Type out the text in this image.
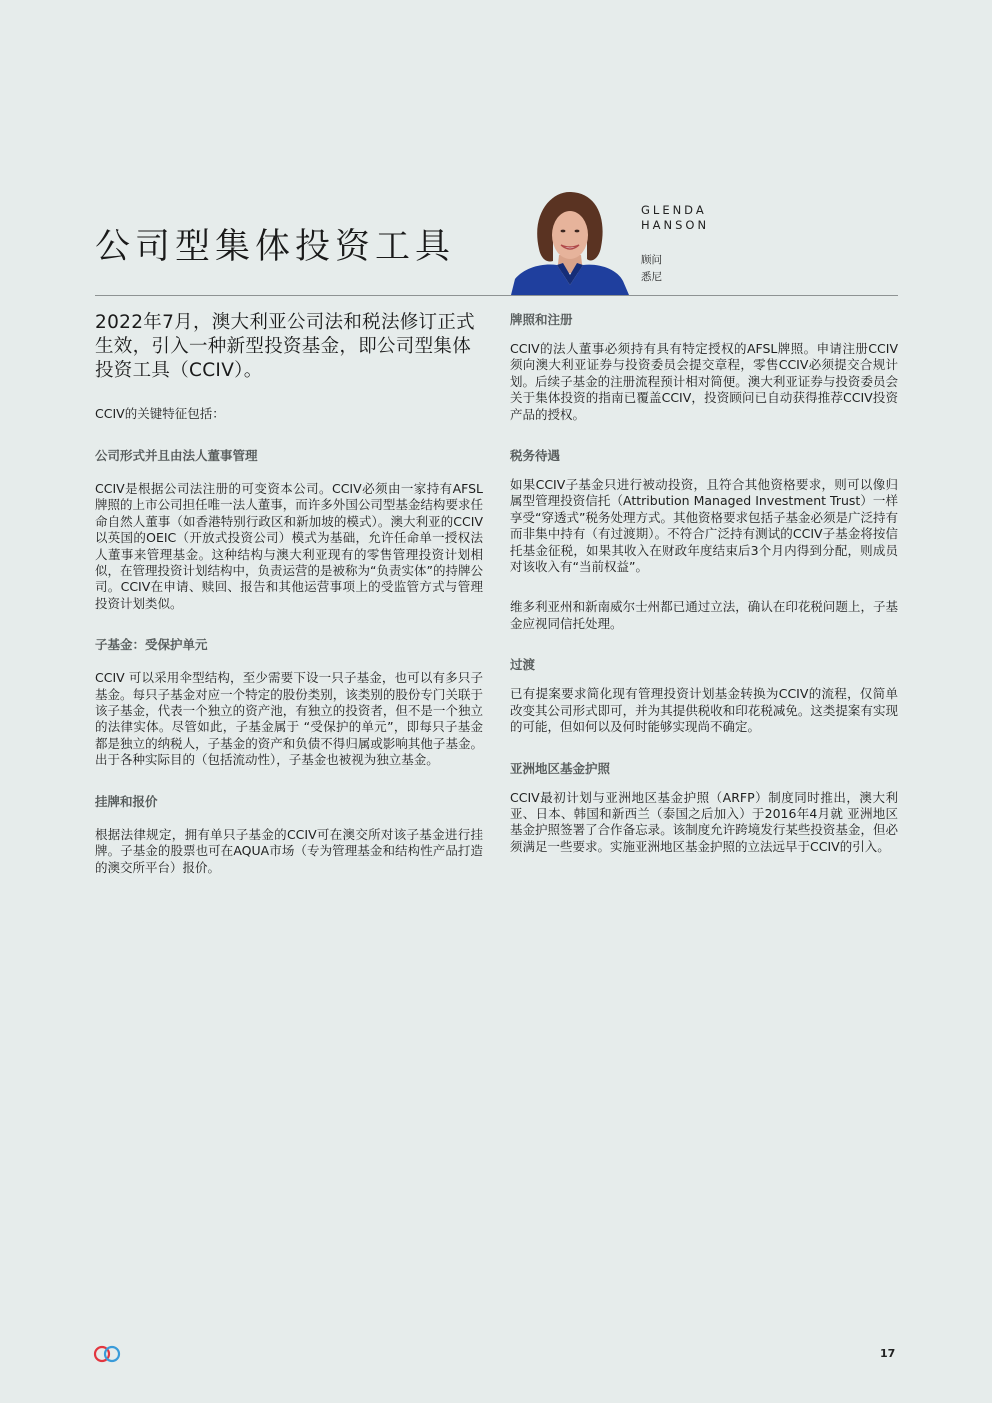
公司型集体投资工具
GLENDA
HANSON
顾问
悉尼

2022年7月，澳大利亚公司法和税法修订正式生效，引入一种新型投资基金，即公司型集体投资工具（CCIV）。

CCIV的关键特征包括：

公司形式并且由法人董事管理

CCIV是根据公司法注册的可变资本公司。CCIV必须由一家持有AFSL牌照的上市公司担任唯一法人董事，而许多外国公司型基金结构要求任命自然人董事（如香港特别行政区和新加坡的模式）。澳大利亚的CCIV以英国的OEIC（开放式投资公司）模式为基础，允许任命单一授权法人董事来管理基金。这种结构与澳大利亚现有的零售管理投资计划相似，在管理投资计划结构中，负责运营的是被称为“负责实体”的持牌公司。CCIV在申请、赎回、报告和其他运营事项上的受监管方式与管理投资计划类似。

子基金：受保护单元

CCIV 可以采用伞型结构，至少需要下设一只子基金，也可以有多只子基金。每只子基金对应一个特定的股份类别，该类别的股份专门关联于该子基金，代表一个独立的资产池，有独立的投资者，但不是一个独立的法律实体。尽管如此，子基金属于 “受保护的单元”，即每只子基金都是独立的纳税人，子基金的资产和负债不得归属或影响其他子基金。出于各种实际目的（包括流动性），子基金也被视为独立基金。

挂牌和报价

根据法律规定，拥有单只子基金的CCIV可在澳交所对该子基金进行挂牌。子基金的股票也可在AQUA市场（专为管理基金和结构性产品打造的澳交所平台）报价。

牌照和注册

CCIV的法人董事必须持有具有特定授权的AFSL牌照。申请注册CCIV须向澳大利亚证券与投资委员会提交章程，零售CCIV必须提交合规计划。后续子基金的注册流程预计相对简便。澳大利亚证券与投资委员会关于集体投资的指南已覆盖CCIV，投资顾问已自动获得推荐CCIV投资产品的授权。

税务待遇

如果CCIV子基金只进行被动投资，且符合其他资格要求，则可以像归属型管理投资信托（Attribution Managed Investment Trust）一样享受“穿透式”税务处理方式。其他资格要求包括子基金必须是广泛持有而非集中持有（有过渡期）。不符合广泛持有测试的CCIV子基金将按信托基金征税，如果其收入在财政年度结束后3个月内得到分配，则成员对该收入有“当前权益”。

维多利亚州和新南威尔士州都已通过立法，确认在印花税问题上，子基金应视同信托处理。

过渡

已有提案要求简化现有管理投资计划基金转换为CCIV的流程，仅简单改变其公司形式即可，并为其提供税收和印花税减免。这类提案有实现的可能，但如何以及何时能够实现尚不确定。

亚洲地区基金护照

CCIV最初计划与亚洲地区基金护照（ARFP）制度同时推出，澳大利亚、日本、韩国和新西兰（泰国之后加入）于2016年4月就 亚洲地区基金护照签署了合作备忘录。该制度允许跨境发行某些投资基金，但必须满足一些要求。实施亚洲地区基金护照的立法远早于CCIV的引入。

17
